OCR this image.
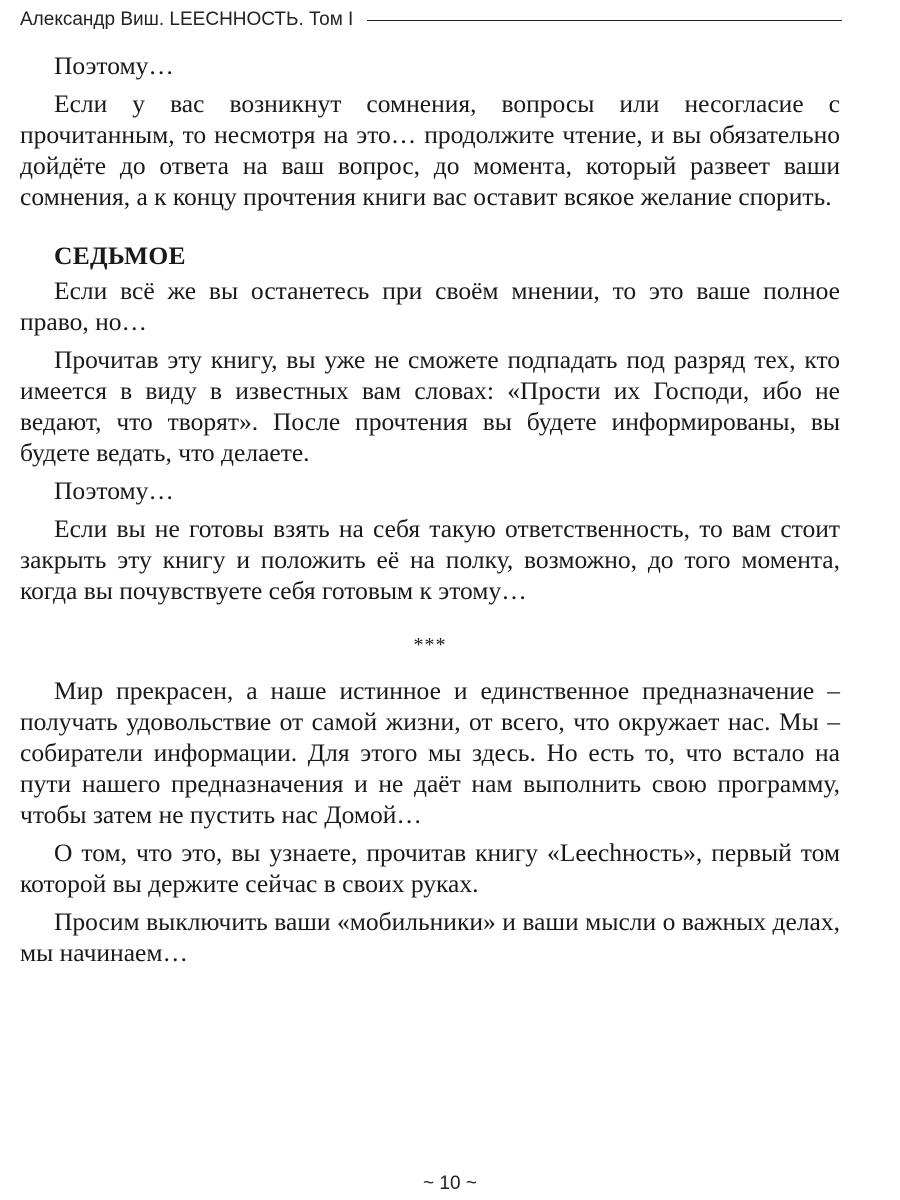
Александр Виш. LEECHНОСТЬ. Том I

Поэтому…

Если у вас возникнут сомнения, вопросы или несогласие с прочитанным, то несмотря на это… продолжите чтение, и вы обязательно дойдёте до ответа на ваш вопрос, до момента, который развеет ваши сомнения, а к концу прочтения книги вас оставит всякое желание спорить.

СЕДЬМОЕ

Если всё же вы останетесь при своём мнении, то это ваше полное право, но…

Прочитав эту книгу, вы уже не сможете подпадать под разряд тех, кто имеется в виду в известных вам словах: «Прости их Господи, ибо не ведают, что творят». После прочтения вы будете информированы, вы будете ведать, что делаете.

Поэтому…

Если вы не готовы взять на себя такую ответственность, то вам стоит закрыть эту книгу и положить её на полку, возможно, до того момента, когда вы почувствуете себя готовым к этому…

***

Мир прекрасен, а наше истинное и единственное предназначение – получать удовольствие от самой жизни, от всего, что окружает нас. Мы – собиратели информации. Для этого мы здесь. Но есть то, что встало на пути нашего предназначения и не даёт нам выполнить свою программу, чтобы затем не пустить нас Домой…

О том, что это, вы узнаете, прочитав книгу «Leechность», первый том которой вы держите сейчас в своих руках.

Просим выключить ваши «мобильники» и ваши мысли о важных делах, мы начинаем…

~ 10 ~
